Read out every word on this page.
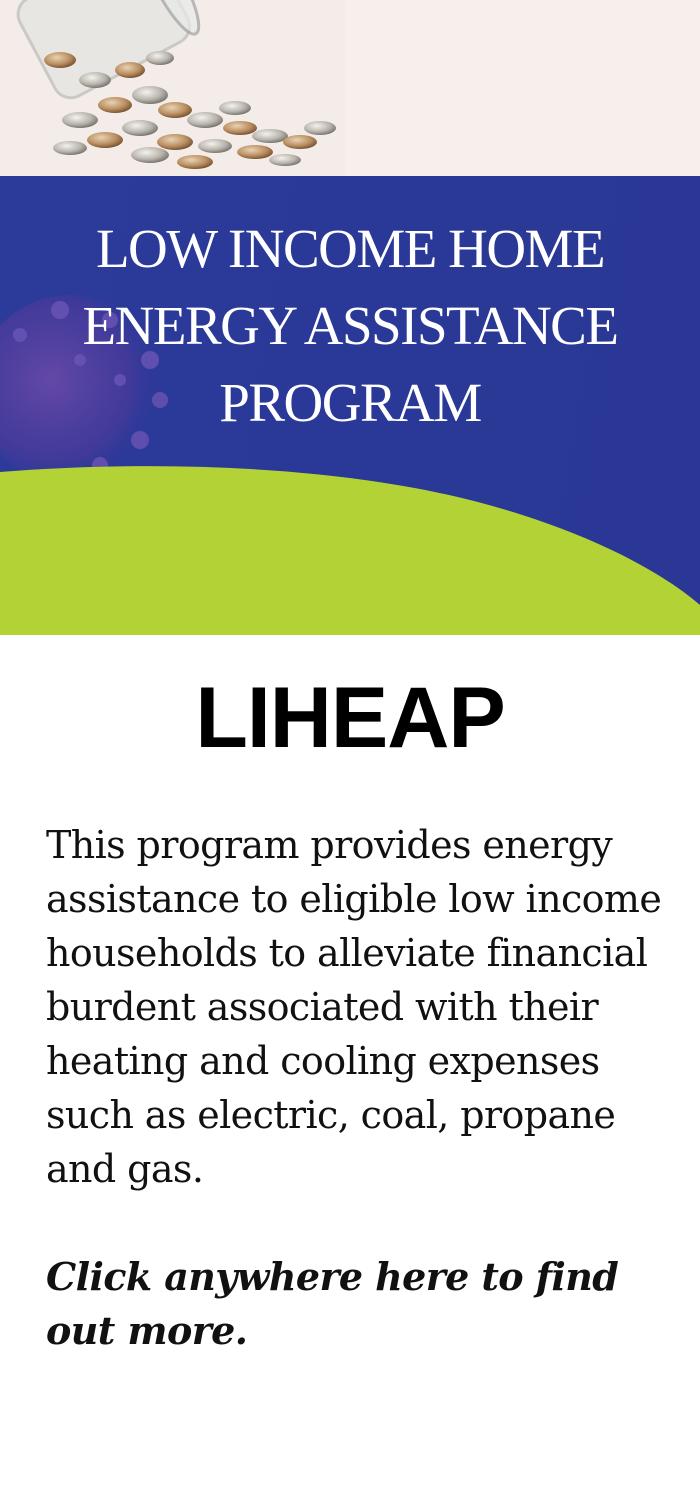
LOW INCOME HOME
ENERGY ASSISTANCE
PROGRAM
LIHEAP
This program provides energy assistance to eligible low income households to alleviate financial burdent associated with their heating and cooling expenses such as electric, coal, propane and gas.
Click anywhere here to find out more.
